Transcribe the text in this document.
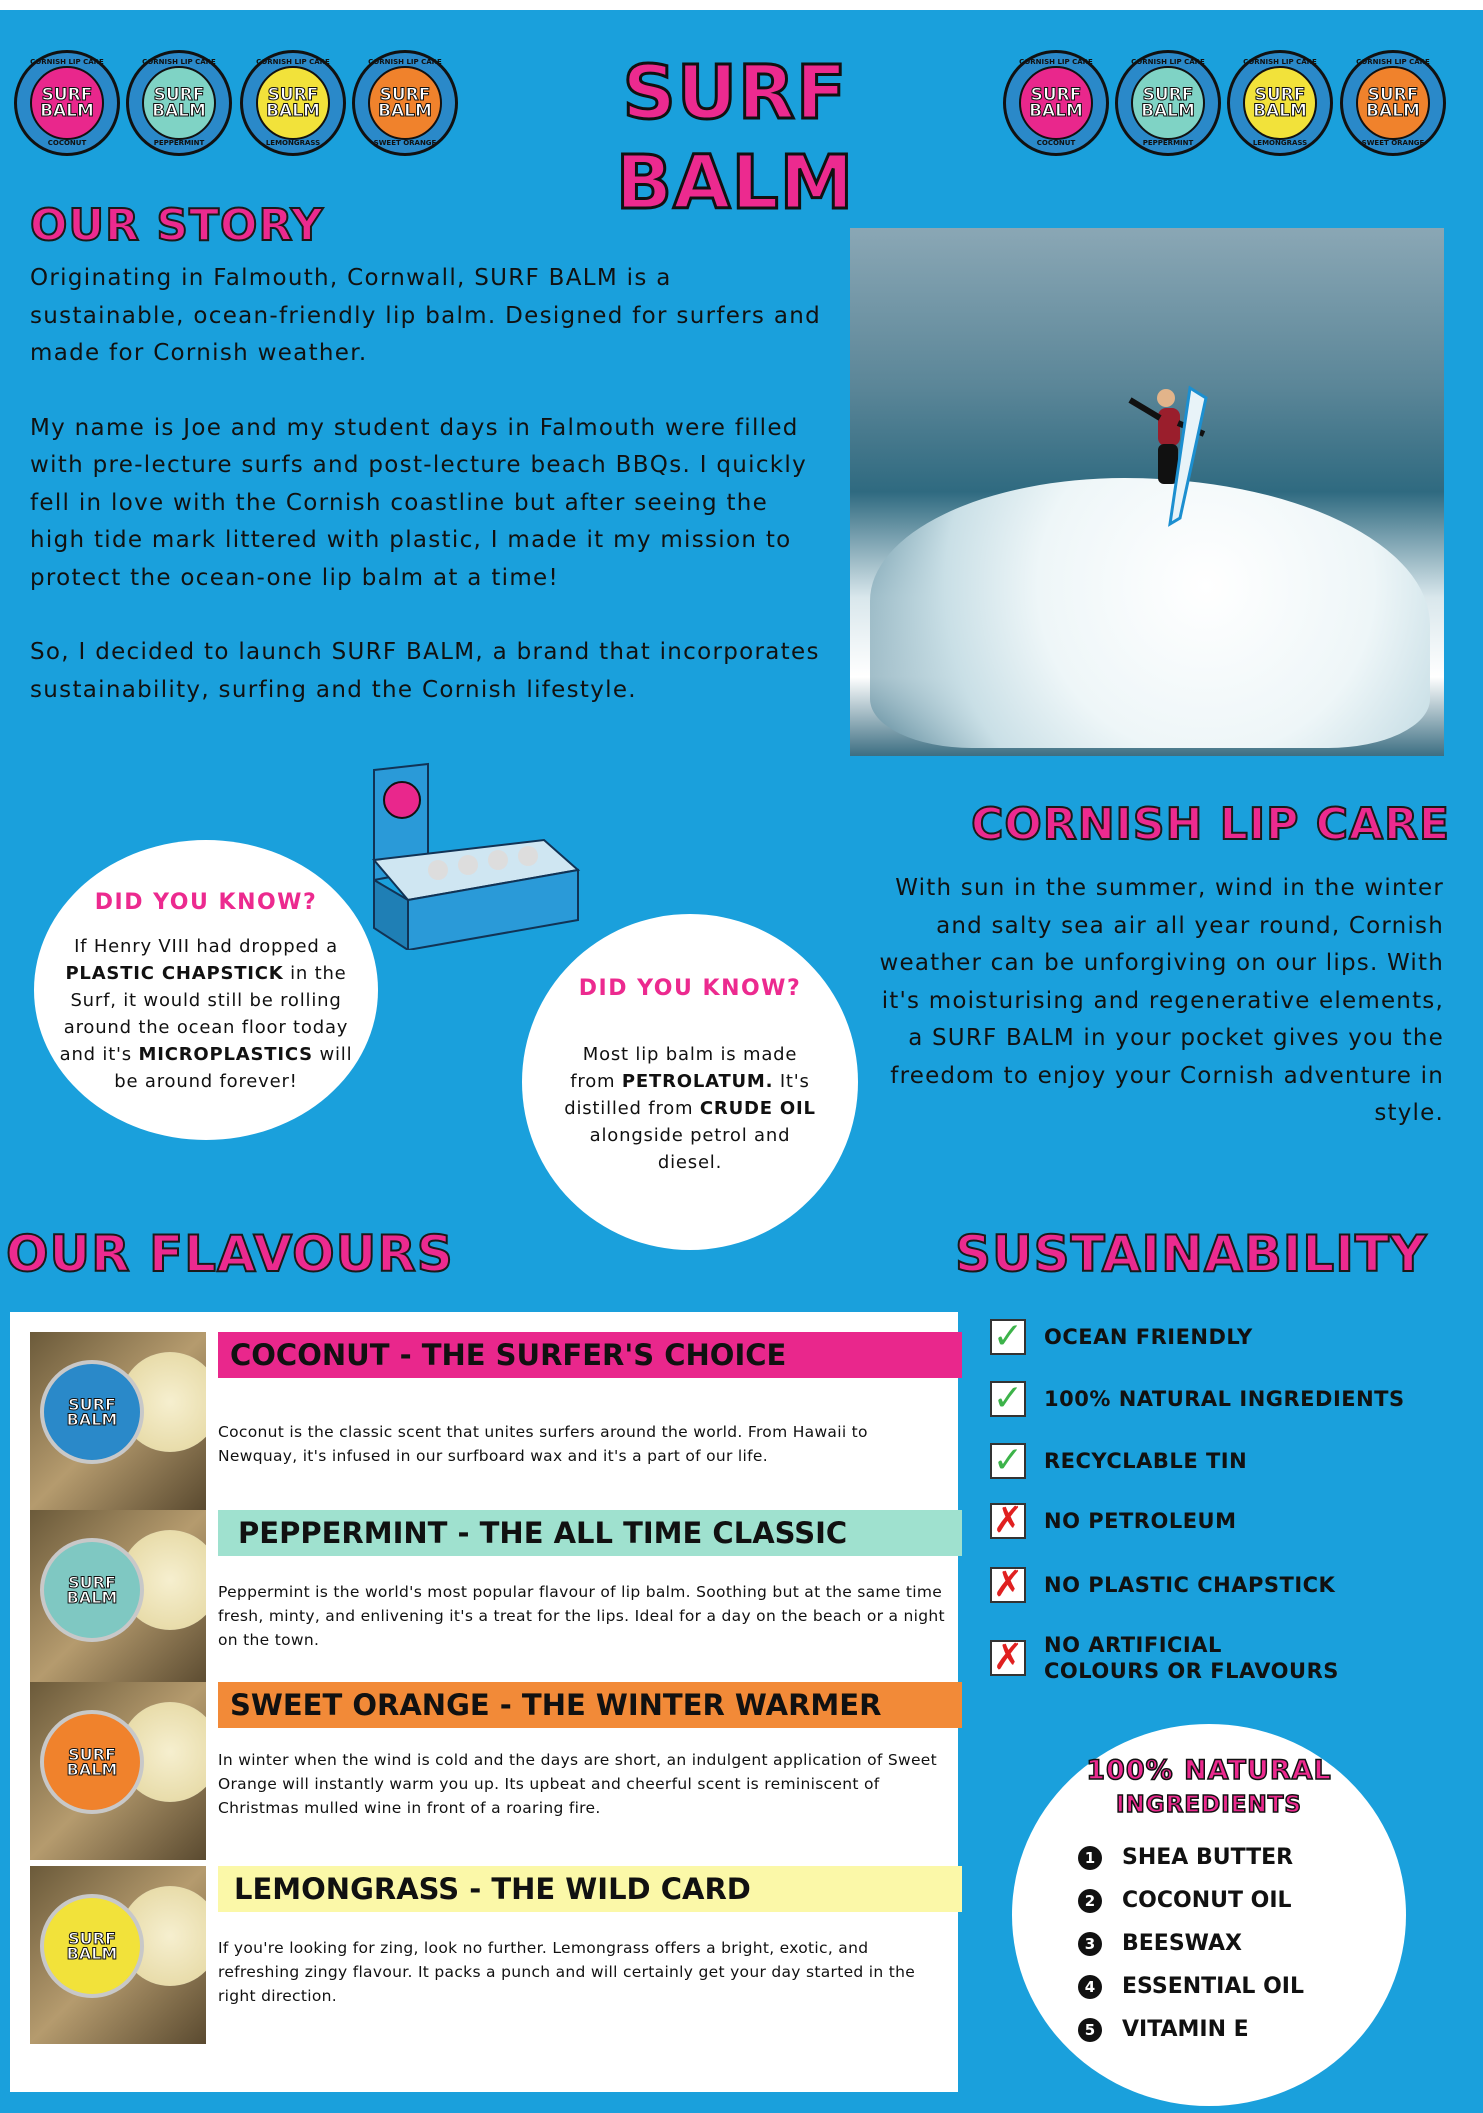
CORNISH LIP CARE
SURF
BALM
COCONUT
CORNISH LIP CARE
SURF
BALM
PEPPERMINT
CORNISH LIP CARE
SURF
BALM
LEMONGRASS
CORNISH LIP CARE
SURF
BALM
SWEET ORANGE
SURF BALM
CORNISH LIP CARE
SURF
BALM
COCONUT
CORNISH LIP CARE
SURF
BALM
PEPPERMINT
CORNISH LIP CARE
SURF
BALM
LEMONGRASS
CORNISH LIP CARE
SURF
BALM
SWEET ORANGE
OUR STORY

Originating in Falmouth, Cornwall, SURF BALM is a sustainable, ocean-friendly lip balm. Designed for surfers and made for Cornish weather.

My name is Joe and my student days in Falmouth were filled with pre-lecture surfs and post-lecture beach BBQs. I quickly fell in love with the Cornish coastline but after seeing the high tide mark littered with plastic, I made it my mission to protect the ocean-one lip balm at a time!

So, I decided to launch SURF BALM, a brand that incorporates sustainability, surfing and the Cornish lifestyle.

DID YOU KNOW?

If Henry VIII had dropped a PLASTIC CHAPSTICK in the Surf, it would still be rolling around the ocean floor today and it's MICROPLASTICS will be around forever!

DID YOU KNOW?

Most lip balm is made from PETROLATUM. It's distilled from CRUDE OIL alongside petrol and diesel.

CORNISH LIP CARE
With sun in the summer, wind in the winter and salty sea air all year round, Cornish weather can be unforgiving on our lips. With it's moisturising and regenerative elements, a SURF BALM in your pocket gives you the freedom to enjoy your Cornish adventure in style.
OUR FLAVOURS	SUSTAINABILITY
SURF
BALM
COCONUT - THE SURFER'S CHOICE
Coconut is the classic scent that unites surfers around the world. From Hawaii to Newquay, it's infused in our surfboard wax and it's a part of our life.
SURF
BALM
PEPPERMINT - THE ALL TIME CLASSIC
Peppermint is the world's most popular flavour of lip balm. Soothing but at the same time fresh, minty, and enlivening it's a treat for the lips. Ideal for a day on the beach or a night on the town.
SURF
BALM
SWEET ORANGE - THE WINTER WARMER
In winter when the wind is cold and the days are short, an indulgent application of Sweet Orange will instantly warm you up. Its upbeat and cheerful scent is reminiscent of Christmas mulled wine in front of a roaring fire.
SURF
BALM
LEMONGRASS - THE WILD CARD
If you're looking for zing, look no further. Lemongrass offers a bright, exotic, and refreshing zingy flavour. It packs a punch and will certainly get your day started in the right direction.
✓ OCEAN FRIENDLY
✓ 100% NATURAL INGREDIENTS
✓ RECYCLABLE TIN
✗ NO PETROLEUM
✗ NO PLASTIC CHAPSTICK
✗ NO ARTIFICIAL COLOURS OR FLAVOURS
100% NATURAL
INGREDIENTS
1	SHEA BUTTER
2	COCONUT OIL
3	BEESWAX
4	ESSENTIAL OIL
5	VITAMIN E
